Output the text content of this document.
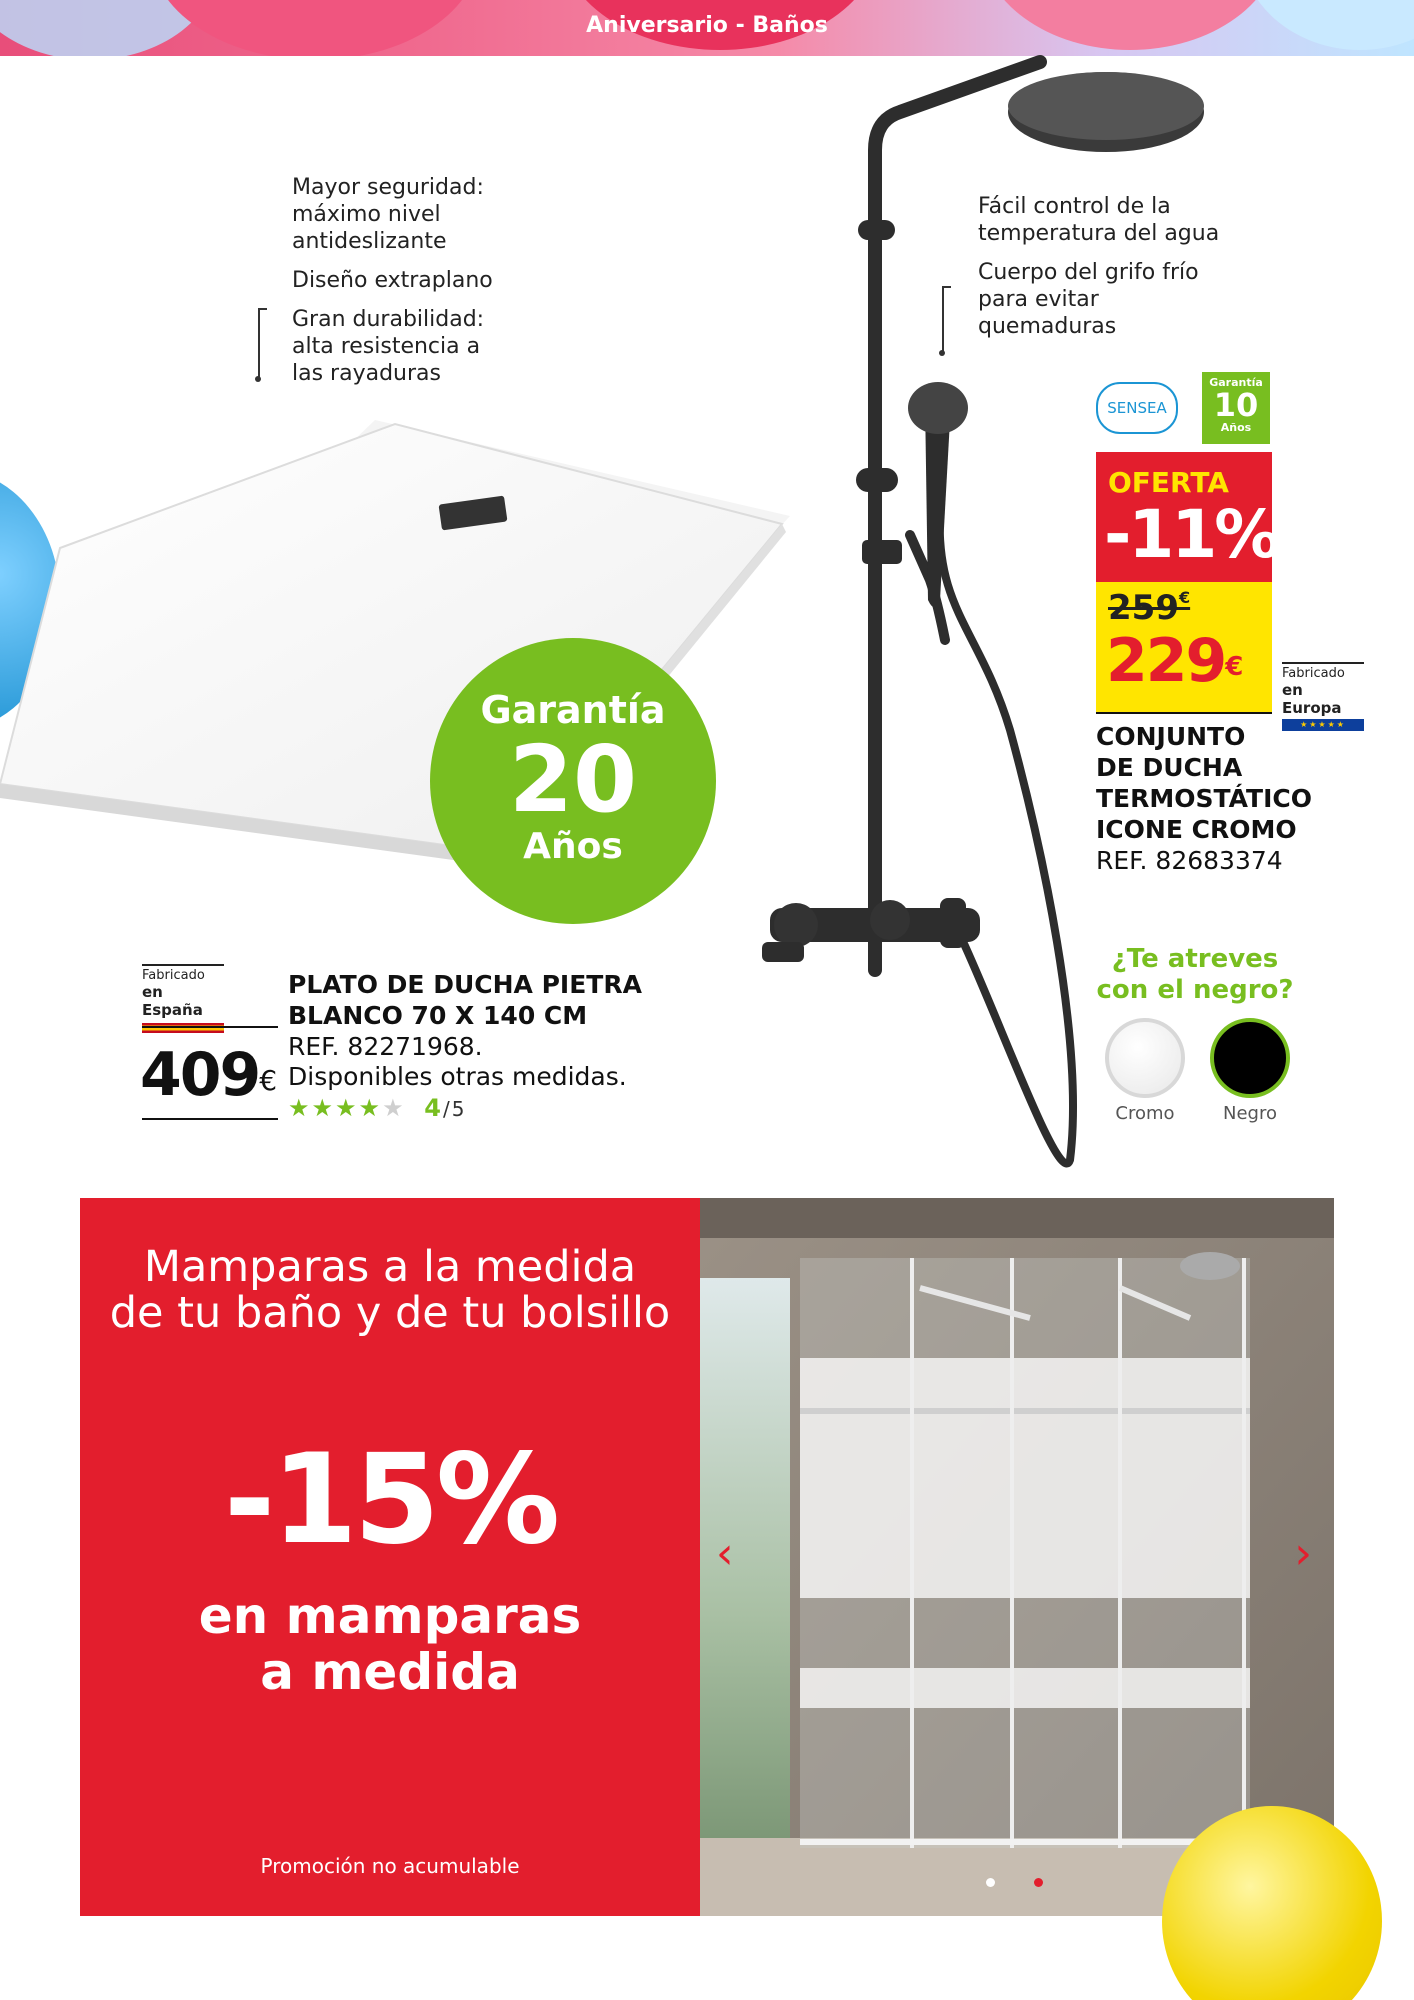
Aniversario - Baños
Mayor seguridad:
máximo nivel
antideslizante
Diseño extraplano
Gran durabilidad:
alta resistencia a
las rayaduras
Garantía
20
Años
Fabricado
en España
409€
PLATO DE DUCHA PIETRA
BLANCO 70 X 140 CM
REF. 82271968.
Disponibles otras medidas.
★★★★★ 4/5
Fácil control de la
temperatura del agua
Cuerpo del grifo frío
para evitar
quemaduras
SENSEA
Garantía
10
Años
OFERTA
-11%
259€
229€	Fabricado
en Europa
★★★★★
CONJUNTO
DE DUCHA
TERMOSTÁTICO
ICONE CROMO
REF. 82683374
¿Te atreves
con el negro?
Cromo	Negro
Mamparas a la medida
de tu baño y de tu bolsillo
-15%
en mamparas
a medida
Promoción no acumulable
‹	›
